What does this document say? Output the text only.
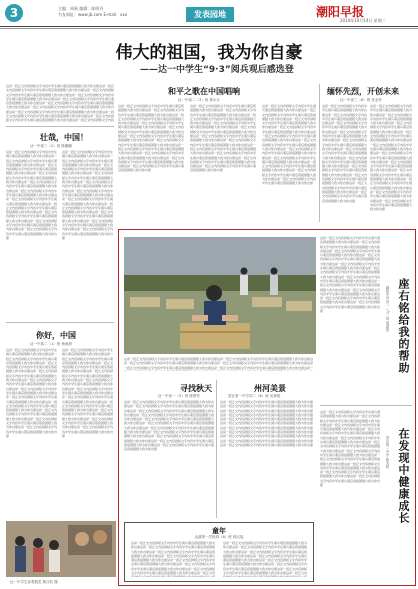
3	主编：周新 编辑：陈明丹
书友网址：www.jb.com E-mail：xxx	发表园地	潮阳早报
2014年10月14日 星期二
伟大的祖国，我为你自豪
——达一中学生“9·3”阅兵观后感选登
和平之歌在中国唱响
达一中高二（3）班 林永月
这是一段正文内容排版文字内容中学生阅兵观后感祖国强大我为你自豪这是一段正文内容排版文字内容中学生阅兵观后感祖国强大我为你自豪这是一段正文内容排版文字内容中学生阅兵观后感祖国强大我为你自豪这是一段正文内容排版文字内容中学生阅兵观后感祖国强大我为你自豪这是一段正文内容排版文字内容中学生阅兵观后感祖国强大我为你自豪这是一段正文内容排版文字内容中学生阅兵观后感祖国强大我为你自豪这是一段正文内容排版文字内容中学生阅兵观后感祖国强大我为你自豪这是一段正文内容排版文字内容中学生阅兵观后感祖国强大我为你自豪这是一段正文内容排版文字内容中学生阅兵观后感祖国强大我为你自豪这是一段正文内容排版文字内容中学生阅兵观后感祖国强大我为你自豪这是一段正文内容排版文字内容中学生阅兵观后感祖国强大我为你自豪
这是一段正文内容排版文字内容中学生阅兵观后感祖国强大我为你自豪这是一段正文内容排版文字内容中学生阅兵观后感祖国强大我为你自豪这是一段正文内容排版文字内容中学生阅兵观后感祖国强大我为你自豪这是一段正文内容排版文字内容中学生阅兵观后感祖国强大我为你自豪这是一段正文内容排版文字内容中学生阅兵观后感祖国强大我为你自豪这是一段正文内容排版文字内容中学生阅兵观后感祖国强大我为你自豪这是一段正文内容排版文字内容中学生阅兵观后感祖国强大我为你自豪这是一段正文内容排版文字内容中学生阅兵观后感祖国强大我为你自豪这是一段正文内容排版文字内容中学生阅兵观后感祖国强大我为你自豪这是一段正文内容排版文字内容中学生阅兵观后感祖国强大我为你自豪这是一段正文内容排版文字内容中学生阅兵观后感祖国强大我为你自豪
这是一段正文内容排版文字内容中学生阅兵观后感祖国强大我为你自豪这是一段正文内容排版文字内容中学生阅兵观后感祖国强大我为你自豪这是一段正文内容排版文字内容中学生阅兵观后感祖国强大我为你自豪这是一段正文内容排版文字内容中学生阅兵观后感祖国强大我为你自豪这是一段正文内容排版文字内容中学生阅兵观后感祖国强大我为你自豪这是一段正文内容排版文字内容中学生阅兵观后感祖国强大我为你自豪这是一段正文内容排版文字内容中学生阅兵观后感祖国强大我为你自豪这是一段正文内容排版文字内容中学生阅兵观后感祖国强大我为你自豪这是一段正文内容排版文字内容中学生阅兵观后感祖国强大我为你自豪这是一段正文内容排版文字内容中学生阅兵观后感祖国强大我为你自豪这是一段正文内容排版文字内容中学生阅兵观后感祖国强大我为你自豪
缅怀先烈，开创未来
达一中高三（6）班 张金拎
这是一段正文内容排版文字内容中学生阅兵观后感祖国强大我为你自豪这是一段正文内容排版文字内容中学生阅兵观后感祖国强大我为你自豪这是一段正文内容排版文字内容中学生阅兵观后感祖国强大我为你自豪这是一段正文内容排版文字内容中学生阅兵观后感祖国强大我为你自豪这是一段正文内容排版文字内容中学生阅兵观后感祖国强大我为你自豪这是一段正文内容排版文字内容中学生阅兵观后感祖国强大我为你自豪这是一段正文内容排版文字内容中学生阅兵观后感祖国强大我为你自豪这是一段正文内容排版文字内容中学生阅兵观后感祖国强大我为你自豪这是一段正文内容排版文字内容中学生阅兵观后感祖国强大我为你自豪这是一段正文内容排版文字内容中学生阅兵观后感祖国强大我为你自豪这是一段正文内容排版文字内容中学生阅兵观后感祖国强大我为你自豪
这是一段正文内容排版文字内容中学生阅兵观后感祖国强大我为你自豪这是一段正文内容排版文字内容中学生阅兵观后感祖国强大我为你自豪这是一段正文内容排版文字内容中学生阅兵观后感祖国强大我为你自豪这是一段正文内容排版文字内容中学生阅兵观后感祖国强大我为你自豪这是一段正文内容排版文字内容中学生阅兵观后感祖国强大我为你自豪这是一段正文内容排版文字内容中学生阅兵观后感祖国强大我为你自豪这是一段正文内容排版文字内容中学生阅兵观后感祖国强大我为你自豪这是一段正文内容排版文字内容中学生阅兵观后感祖国强大我为你自豪这是一段正文内容排版文字内容中学生阅兵观后感祖国强大我为你自豪这是一段正文内容排版文字内容中学生阅兵观后感祖国强大我为你自豪这是一段正文内容排版文字内容中学生阅兵观后感祖国强大我为你自豪
这是一段正文内容排版文字内容中学生阅兵观后感祖国强大我为你自豪这是一段正文内容排版文字内容中学生阅兵观后感祖国强大我为你自豪这是一段正文内容排版文字内容中学生阅兵观后感祖国强大我为你自豪这是一段正文内容排版文字内容中学生阅兵观后感祖国强大我为你自豪这是一段正文内容排版文字内容中学生阅兵观后感祖国强大我为你自豪这是一段正文内容排版文字内容中学生阅兵观后感祖国强大我为你自豪这是一段正文内容排版文字内容中学生阅兵观后感祖国强大我为你自豪这是一段正文内容排版文字内容中学生阅兵观后感祖国强大我为你自豪这是一段正文内容排版文字内容中学生阅兵观后感祖国强大我为你自豪这是一段正文内容排版文字内容中学生阅兵观后感祖国强大我为你自豪这是一段正文内容排版文字内容中学生阅兵观后感祖国强大我为你自豪
壮哉，中国！
达一中高三（2）班 陈鹏鹏
这是一段正文内容排版文字内容中学生阅兵观后感祖国强大我为你自豪这是一段正文内容排版文字内容中学生阅兵观后感祖国强大我为你自豪这是一段正文内容排版文字内容中学生阅兵观后感祖国强大我为你自豪这是一段正文内容排版文字内容中学生阅兵观后感祖国强大我为你自豪这是一段正文内容排版文字内容中学生阅兵观后感祖国强大我为你自豪这是一段正文内容排版文字内容中学生阅兵观后感祖国强大我为你自豪这是一段正文内容排版文字内容中学生阅兵观后感祖国强大我为你自豪这是一段正文内容排版文字内容中学生阅兵观后感祖国强大我为你自豪这是一段正文内容排版文字内容中学生阅兵观后感祖国强大我为你自豪这是一段正文内容排版文字内容中学生阅兵观后感祖国强大我为你自豪这是一段正文内容排版文字内容中学生阅兵观后感祖国强大我为你自豪
这是一段正文内容排版文字内容中学生阅兵观后感祖国强大我为你自豪这是一段正文内容排版文字内容中学生阅兵观后感祖国强大我为你自豪这是一段正文内容排版文字内容中学生阅兵观后感祖国强大我为你自豪这是一段正文内容排版文字内容中学生阅兵观后感祖国强大我为你自豪这是一段正文内容排版文字内容中学生阅兵观后感祖国强大我为你自豪这是一段正文内容排版文字内容中学生阅兵观后感祖国强大我为你自豪这是一段正文内容排版文字内容中学生阅兵观后感祖国强大我为你自豪这是一段正文内容排版文字内容中学生阅兵观后感祖国强大我为你自豪这是一段正文内容排版文字内容中学生阅兵观后感祖国强大我为你自豪这是一段正文内容排版文字内容中学生阅兵观后感祖国强大我为你自豪这是一段正文内容排版文字内容中学生阅兵观后感祖国强大我为你自豪
你好，中国
达一中高二（1）班 杨雨晨
这是一段正文内容排版文字内容中学生阅兵观后感祖国强大我为你自豪这是一段正文内容排版文字内容中学生阅兵观后感祖国强大我为你自豪这是一段正文内容排版文字内容中学生阅兵观后感祖国强大我为你自豪这是一段正文内容排版文字内容中学生阅兵观后感祖国强大我为你自豪这是一段正文内容排版文字内容中学生阅兵观后感祖国强大我为你自豪这是一段正文内容排版文字内容中学生阅兵观后感祖国强大我为你自豪这是一段正文内容排版文字内容中学生阅兵观后感祖国强大我为你自豪这是一段正文内容排版文字内容中学生阅兵观后感祖国强大我为你自豪这是一段正文内容排版文字内容中学生阅兵观后感祖国强大我为你自豪这是一段正文内容排版文字内容中学生阅兵观后感祖国强大我为你自豪这是一段正文内容排版文字内容中学生阅兵观后感祖国强大我为你自豪
这是一段正文内容排版文字内容中学生阅兵观后感祖国强大我为你自豪这是一段正文内容排版文字内容中学生阅兵观后感祖国强大我为你自豪这是一段正文内容排版文字内容中学生阅兵观后感祖国强大我为你自豪这是一段正文内容排版文字内容中学生阅兵观后感祖国强大我为你自豪这是一段正文内容排版文字内容中学生阅兵观后感祖国强大我为你自豪这是一段正文内容排版文字内容中学生阅兵观后感祖国强大我为你自豪这是一段正文内容排版文字内容中学生阅兵观后感祖国强大我为你自豪这是一段正文内容排版文字内容中学生阅兵观后感祖国强大我为你自豪这是一段正文内容排版文字内容中学生阅兵观后感祖国强大我为你自豪这是一段正文内容排版文字内容中学生阅兵观后感祖国强大我为你自豪这是一段正文内容排版文字内容中学生阅兵观后感祖国强大我为你自豪
达一中学生参观展览 陈汉钦 摄
这是一段正文内容排版文字内容中学生阅兵观后感祖国强大我为你自豪这是一段正文内容排版文字内容中学生阅兵观后感祖国强大我为你自豪这是一段正文内容排版文字内容中学生阅兵观后感祖国强大我为你自豪这是一段正文内容排版文字内容中学生阅兵观后感祖国强大我为你自豪这是一段正文内容排版文字内容中学生阅兵观后感祖国强大我为你自豪这是一段正文内容排版文字内容中学生阅兵观后感祖国强大我为你自豪这是一段正文内容排版文字内容中学生阅兵观后感祖国强大我为你自豪这是一段正文内容排版文字内容中学生阅兵观后感祖国强大我为你自豪这是一段正文内容排版文字内容中学生阅兵观后感祖国强大我为你自豪这是一段正文内容排版文字内容中学生阅兵观后感祖国强大我为你自豪这是一段正文内容排版文字内容中学生阅兵观后感祖国强大我为你自豪
寻找秋天
达一中高一（3）班 陈银铃
这是一段正文内容排版文字内容中学生阅兵观后感祖国强大我为你自豪这是一段正文内容排版文字内容中学生阅兵观后感祖国强大我为你自豪这是一段正文内容排版文字内容中学生阅兵观后感祖国强大我为你自豪这是一段正文内容排版文字内容中学生阅兵观后感祖国强大我为你自豪这是一段正文内容排版文字内容中学生阅兵观后感祖国强大我为你自豪这是一段正文内容排版文字内容中学生阅兵观后感祖国强大我为你自豪这是一段正文内容排版文字内容中学生阅兵观后感祖国强大我为你自豪这是一段正文内容排版文字内容中学生阅兵观后感祖国强大我为你自豪这是一段正文内容排版文字内容中学生阅兵观后感祖国强大我为你自豪这是一段正文内容排版文字内容中学生阅兵观后感祖国强大我为你自豪这是一段正文内容排版文字内容中学生阅兵观后感祖国强大我为你自豪
州河美景
度社第一中学初二（6）班 吴翠班
这是一段正文内容排版文字内容中学生阅兵观后感祖国强大我为你自豪这是一段正文内容排版文字内容中学生阅兵观后感祖国强大我为你自豪这是一段正文内容排版文字内容中学生阅兵观后感祖国强大我为你自豪这是一段正文内容排版文字内容中学生阅兵观后感祖国强大我为你自豪这是一段正文内容排版文字内容中学生阅兵观后感祖国强大我为你自豪这是一段正文内容排版文字内容中学生阅兵观后感祖国强大我为你自豪这是一段正文内容排版文字内容中学生阅兵观后感祖国强大我为你自豪这是一段正文内容排版文字内容中学生阅兵观后感祖国强大我为你自豪这是一段正文内容排版文字内容中学生阅兵观后感祖国强大我为你自豪这是一段正文内容排版文字内容中学生阅兵观后感祖国强大我为你自豪这是一段正文内容排版文字内容中学生阅兵观后感祖国强大我为你自豪
这是一段正文内容排版文字内容中学生阅兵观后感祖国强大我为你自豪这是一段正文内容排版文字内容中学生阅兵观后感祖国强大我为你自豪这是一段正文内容排版文字内容中学生阅兵观后感祖国强大我为你自豪这是一段正文内容排版文字内容中学生阅兵观后感祖国强大我为你自豪这是一段正文内容排版文字内容中学生阅兵观后感祖国强大我为你自豪这是一段正文内容排版文字内容中学生阅兵观后感祖国强大我为你自豪这是一段正文内容排版文字内容中学生阅兵观后感祖国强大我为你自豪这是一段正文内容排版文字内容中学生阅兵观后感祖国强大我为你自豪这是一段正文内容排版文字内容中学生阅兵观后感祖国强大我为你自豪这是一段正文内容排版文字内容中学生阅兵观后感祖国强大我为你自豪这是一段正文内容排版文字内容中学生阅兵观后感祖国强大我为你自豪
座右铭给我的帮助
潮阳中学初一（3）班 周建建
这是一段正文内容排版文字内容中学生阅兵观后感祖国强大我为你自豪这是一段正文内容排版文字内容中学生阅兵观后感祖国强大我为你自豪这是一段正文内容排版文字内容中学生阅兵观后感祖国强大我为你自豪这是一段正文内容排版文字内容中学生阅兵观后感祖国强大我为你自豪这是一段正文内容排版文字内容中学生阅兵观后感祖国强大我为你自豪这是一段正文内容排版文字内容中学生阅兵观后感祖国强大我为你自豪这是一段正文内容排版文字内容中学生阅兵观后感祖国强大我为你自豪这是一段正文内容排版文字内容中学生阅兵观后感祖国强大我为你自豪这是一段正文内容排版文字内容中学生阅兵观后感祖国强大我为你自豪这是一段正文内容排版文字内容中学生阅兵观后感祖国强大我为你自豪这是一段正文内容排版文字内容中学生阅兵观后感祖国强大我为你自豪
在发现中健康成长
度社第一中学 陈杰婷
童年
达濠第一学校四（6）班 林汉瑶
这是一段正文内容排版文字内容中学生阅兵观后感祖国强大我为你自豪这是一段正文内容排版文字内容中学生阅兵观后感祖国强大我为你自豪这是一段正文内容排版文字内容中学生阅兵观后感祖国强大我为你自豪这是一段正文内容排版文字内容中学生阅兵观后感祖国强大我为你自豪这是一段正文内容排版文字内容中学生阅兵观后感祖国强大我为你自豪这是一段正文内容排版文字内容中学生阅兵观后感祖国强大我为你自豪这是一段正文内容排版文字内容中学生阅兵观后感祖国强大我为你自豪这是一段正文内容排版文字内容中学生阅兵观后感祖国强大我为你自豪这是一段正文内容排版文字内容中学生阅兵观后感祖国强大我为你自豪这是一段正文内容排版文字内容中学生阅兵观后感祖国强大我为你自豪这是一段正文内容排版文字内容中学生阅兵观后感祖国强大我为你自豪
这是一段正文内容排版文字内容中学生阅兵观后感祖国强大我为你自豪这是一段正文内容排版文字内容中学生阅兵观后感祖国强大我为你自豪这是一段正文内容排版文字内容中学生阅兵观后感祖国强大我为你自豪这是一段正文内容排版文字内容中学生阅兵观后感祖国强大我为你自豪这是一段正文内容排版文字内容中学生阅兵观后感祖国强大我为你自豪这是一段正文内容排版文字内容中学生阅兵观后感祖国强大我为你自豪这是一段正文内容排版文字内容中学生阅兵观后感祖国强大我为你自豪这是一段正文内容排版文字内容中学生阅兵观后感祖国强大我为你自豪这是一段正文内容排版文字内容中学生阅兵观后感祖国强大我为你自豪这是一段正文内容排版文字内容中学生阅兵观后感祖国强大我为你自豪这是一段正文内容排版文字内容中学生阅兵观后感祖国强大我为你自豪
